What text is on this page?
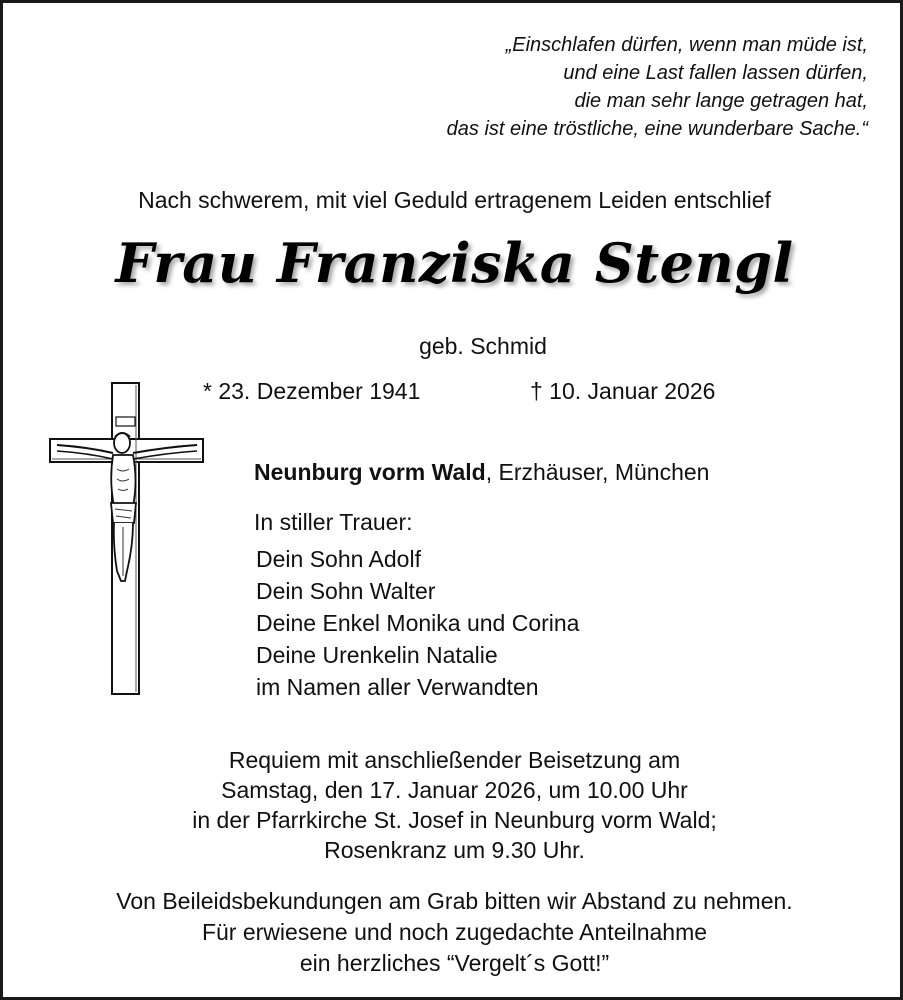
„Einschlafen dürfen, wenn man müde ist,
und eine Last fallen lassen dürfen,
die man sehr lange getragen hat,
das ist eine tröstliche, eine wunderbare Sache.“
Nach schwerem, mit viel Geduld ertragenem Leiden entschlief
Frau Franziska Stengl
geb. Schmid
* 23. Dezember 1941	† 10. Januar 2026
Neunburg vorm Wald, Erzhäuser, München
In stiller Trauer:
Dein Sohn Adolf
Dein Sohn Walter
Deine Enkel Monika und Corina
Deine Urenkelin Natalie
im Namen aller Verwandten
Requiem mit anschließender Beisetzung am
Samstag, den 17. Januar 2026, um 10.00 Uhr
in der Pfarrkirche St. Josef in Neunburg vorm Wald;
Rosenkranz um 9.30 Uhr.
Von Beileidsbekundungen am Grab bitten wir Abstand zu nehmen.
Für erwiesene und noch zugedachte Anteilnahme
ein herzliches “Vergelt´s Gott!”
